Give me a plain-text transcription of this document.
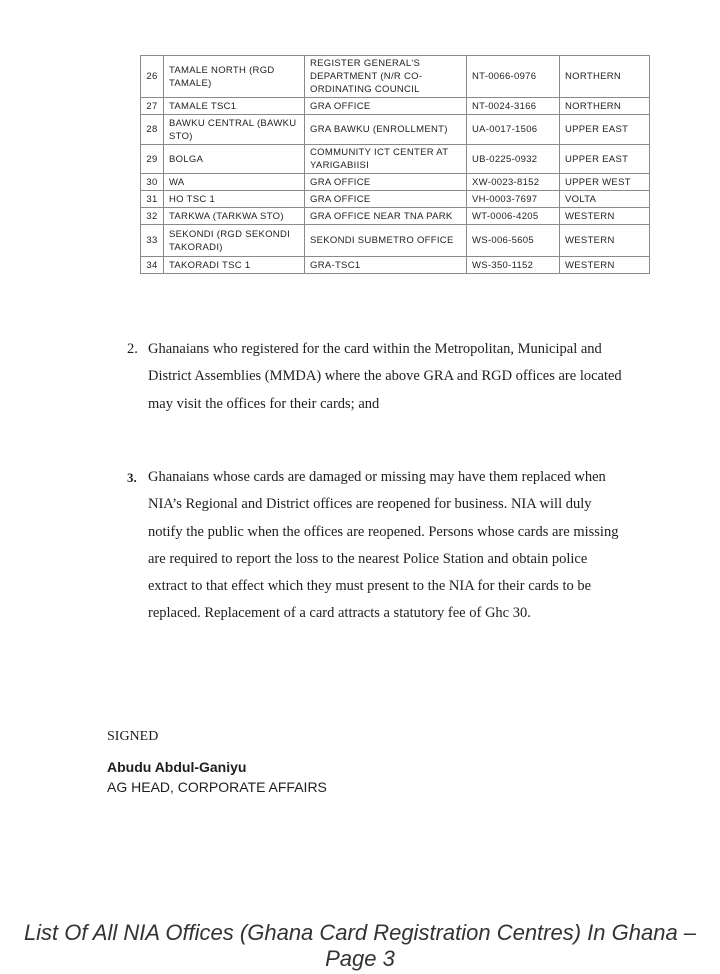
26	TAMALE NORTH (RGD TAMALE)	REGISTER GENERAL'S DEPARTMENT (N/R CO-ORDINATING COUNCIL	NT-0066-0976	NORTHERN
27	TAMALE TSC1	GRA OFFICE	NT-0024-3166	NORTHERN
28	BAWKU CENTRAL (BAWKU STO)	GRA BAWKU (ENROLLMENT)	UA-0017-1506	UPPER EAST
29	BOLGA	COMMUNITY ICT CENTER AT YARIGABIISI	UB-0225-0932	UPPER EAST
30	WA	GRA OFFICE	XW-0023-8152	UPPER WEST
31	HO TSC 1	GRA OFFICE	VH-0003-7697	VOLTA
32	TARKWA (TARKWA STO)	GRA OFFICE NEAR TNA PARK	WT-0006-4205	WESTERN
33	SEKONDI (RGD SEKONDI TAKORADI)	SEKONDI SUBMETRO OFFICE	WS-006-5605	WESTERN
34	TAKORADI TSC 1	GRA-TSC1	WS-350-1152	WESTERN

2. Ghanaians who registered for the card within the Metropolitan, Municipal and District Assemblies (MMDA) where the above GRA and RGD offices are located may visit the offices for their cards; and

3. Ghanaians whose cards are damaged or missing may have them replaced when NIA’s Regional and District offices are reopened for business. NIA will duly notify the public when the offices are reopened. Persons whose cards are missing are required to report the loss to the nearest Police Station and obtain police extract to that effect which they must present to the NIA for their cards to be replaced. Replacement of a card attracts a statutory fee of Ghc 30.

SIGNED
Abudu Abdul-Ganiyu
AG HEAD, CORPORATE AFFAIRS
List Of All NIA Offices (Ghana Card Registration Centres) In Ghana – Page 3
